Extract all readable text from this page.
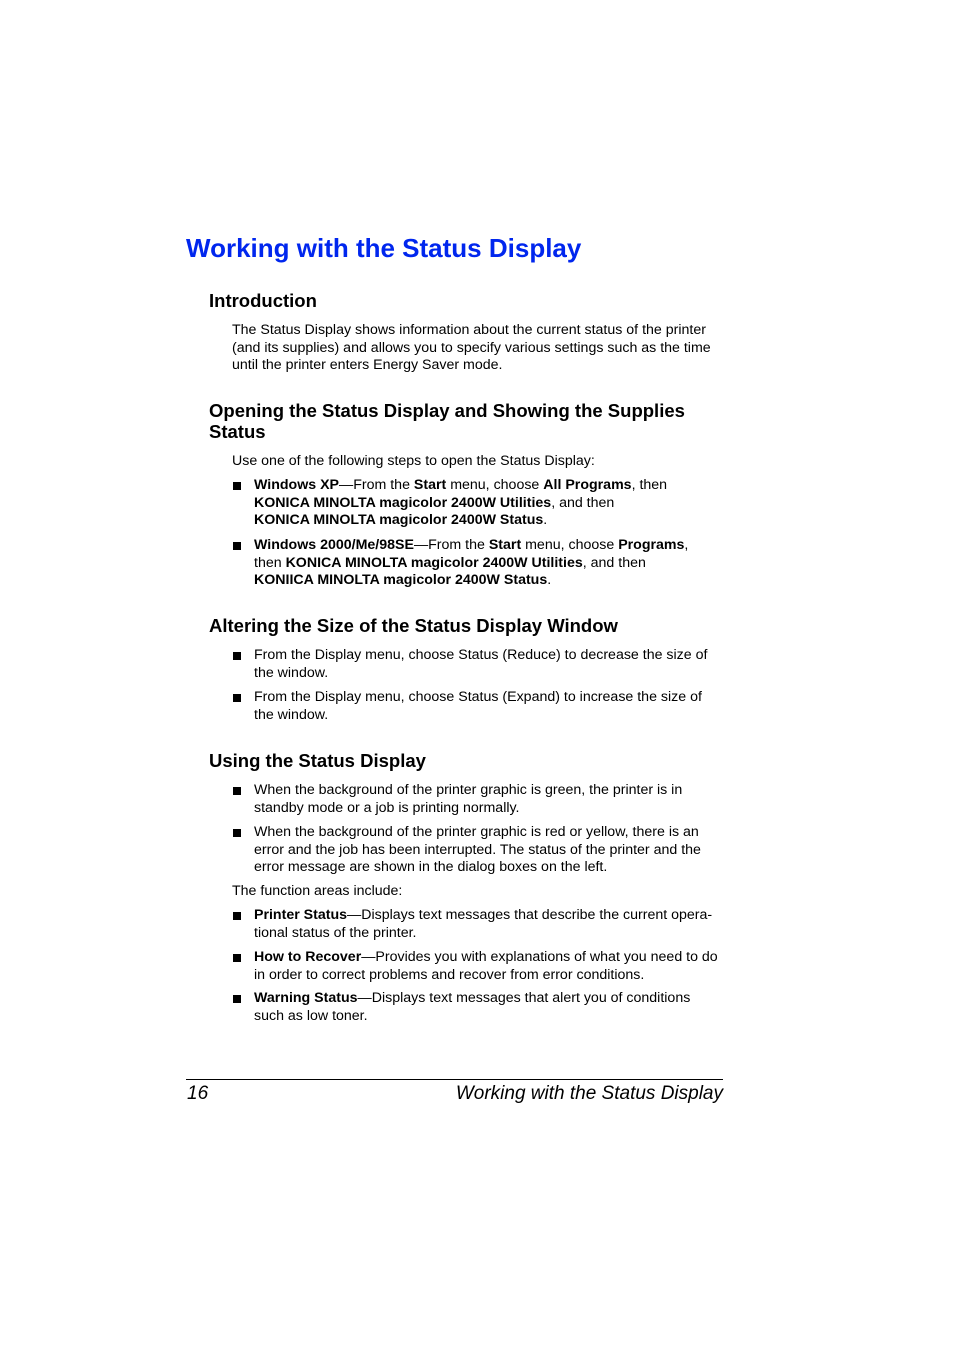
Working with the Status Display
Introduction
The Status Display shows information about the current status of the printer
(and its supplies) and allows you to specify various settings such as the time
until the printer enters Energy Saver mode.
Opening the Status Display and Showing the Supplies
Status
Use one of the following steps to open the Status Display:
Windows XP—From the Start menu, choose All Programs, then
KONICA MINOLTA magicolor 2400W Utilities, and then
KONICA MINOLTA magicolor 2400W Status.
Windows 2000/Me/98SE—From the Start menu, choose Programs,
then KONICA MINOLTA magicolor 2400W Utilities, and then
KONIICA MINOLTA magicolor 2400W Status.
Altering the Size of the Status Display Window
From the Display menu, choose Status (Reduce) to decrease the size of
the window.
From the Display menu, choose Status (Expand) to increase the size of
the window.
Using the Status Display
When the background of the printer graphic is green, the printer is in
standby mode or a job is printing normally.
When the background of the printer graphic is red or yellow, there is an
error and the job has been interrupted. The status of the printer and the
error message are shown in the dialog boxes on the left.
The function areas include:
Printer Status—Displays text messages that describe the current opera-
tional status of the printer.
How to Recover—Provides you with explanations of what you need to do
in order to correct problems and recover from error conditions.
Warning Status—Displays text messages that alert you of conditions
such as low toner.
16	Working with the Status Display
